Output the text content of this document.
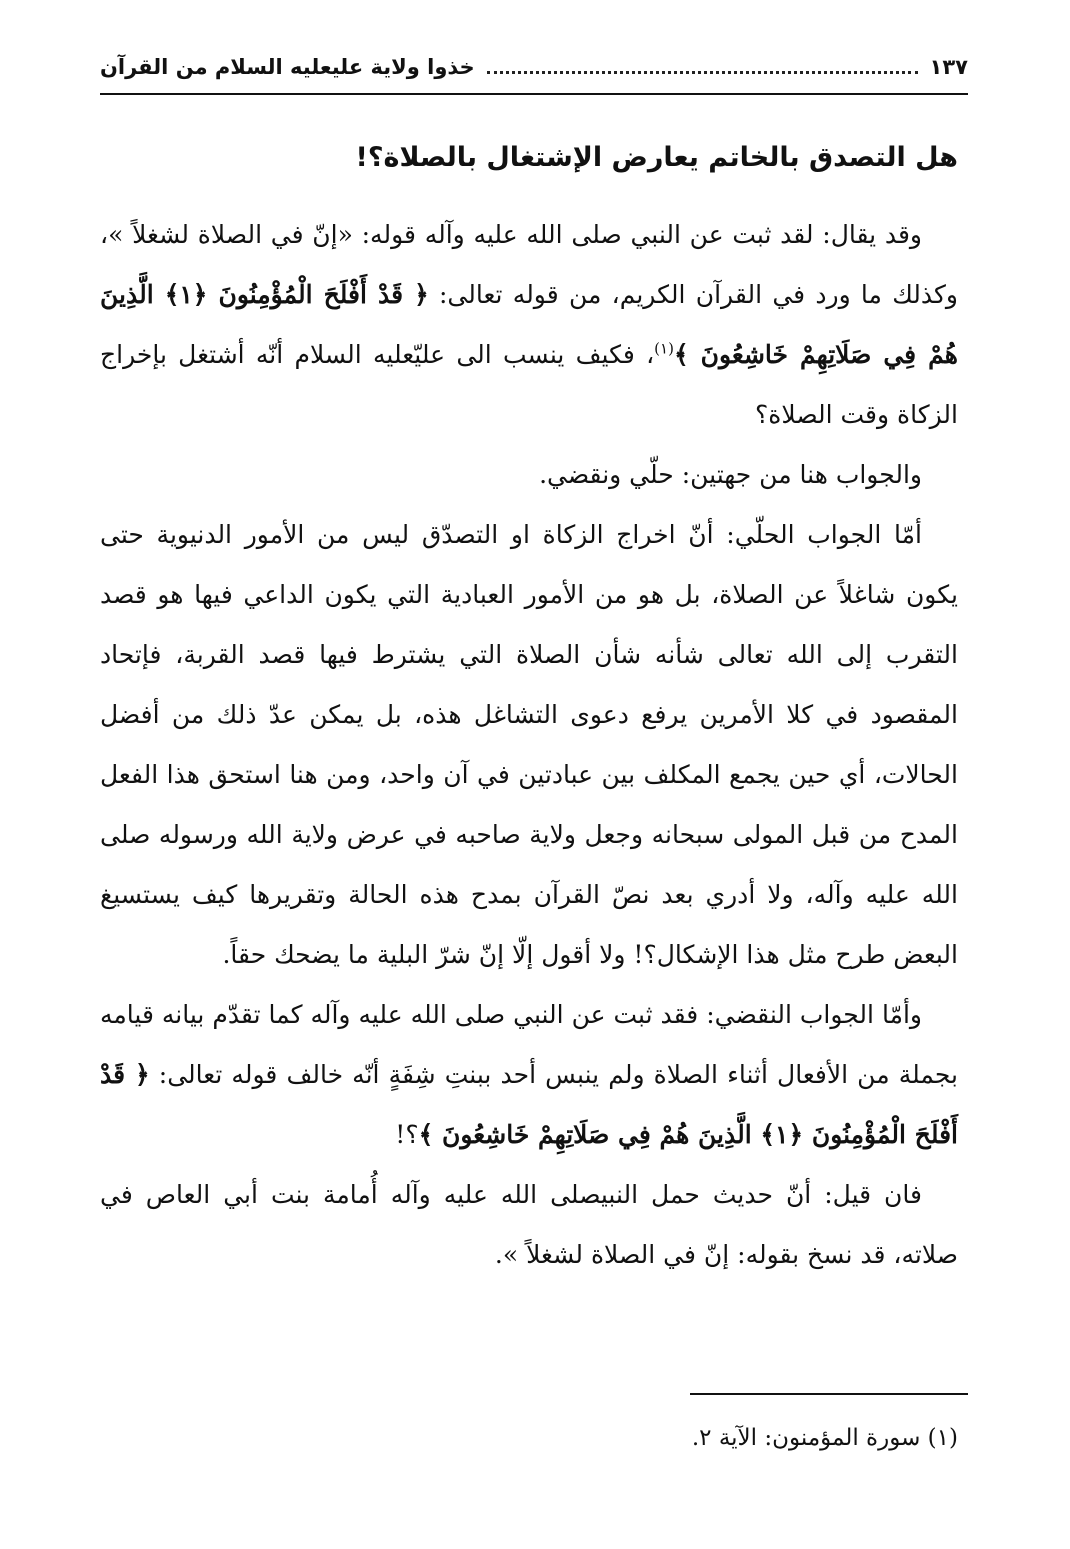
١٣٧
خذوا ولاية عليعليه السلام من القرآن
هل التصدق بالخاتم يعارض الإشتغال بالصلاة؟!

وقد يقال: لقد ثبت عن النبي صلى الله عليه وآله قوله: «إنّ في الصلاة لشغلاً »، وكذلك ما ورد في القرآن الكريم، من قوله تعالى: ﴿ قَدْ أَفْلَحَ الْمُؤْمِنُونَ ﴿١﴾ الَّذِينَ هُمْ فِي صَلَاتِهِمْ خَاشِعُونَ ﴾$^{(١)}$، فكيف ينسب الى عليّعليه السلام أنّه أشتغل بإخراج الزكاة وقت الصلاة؟

والجواب هنا من جهتين: حلّي ونقضي.

أمّا الجواب الحلّي: أنّ اخراج الزكاة او التصدّق ليس من الأمور الدنيوية حتى يكون شاغلاً عن الصلاة، بل هو من الأمور العبادية التي يكون الداعي فيها هو قصد التقرب إلى الله تعالى شأنه شأن الصلاة التي يشترط فيها قصد القربة، فإتحاد المقصود في كلا الأمرين يرفع دعوى التشاغل هذه، بل يمكن عدّ ذلك من أفضل الحالات، أي حين يجمع المكلف بين عبادتين في آن واحد، ومن هنا استحق هذا الفعل المدح من قبل المولى سبحانه وجعل ولاية صاحبه في عرض ولاية الله ورسوله صلى الله عليه وآله، ولا أدري بعد نصّ القرآن بمدح هذه الحالة وتقريرها كيف يستسيغ البعض طرح مثل هذا الإشكال؟! ولا أقول إلّا إنّ شرّ البلية ما يضحك حقاً.

وأمّا الجواب النقضي: فقد ثبت عن النبي صلى الله عليه وآله كما تقدّم بيانه قيامه بجملة من الأفعال أثناء الصلاة ولم ينبس أحد ببنتِ شِفَةٍ أنّه خالف قوله تعالى: ﴿ قَدْ أَفْلَحَ الْمُؤْمِنُونَ ﴿١﴾ الَّذِينَ هُمْ فِي صَلَاتِهِمْ خَاشِعُونَ ﴾؟!

فان قيل: أنّ حديث حمل النبيصلى الله عليه وآله أُمامة بنت أبي العاص في صلاته، قد نسخ بقوله: إنّ في الصلاة لشغلاً ».

(١) سورة المؤمنون: الآية ٢.
